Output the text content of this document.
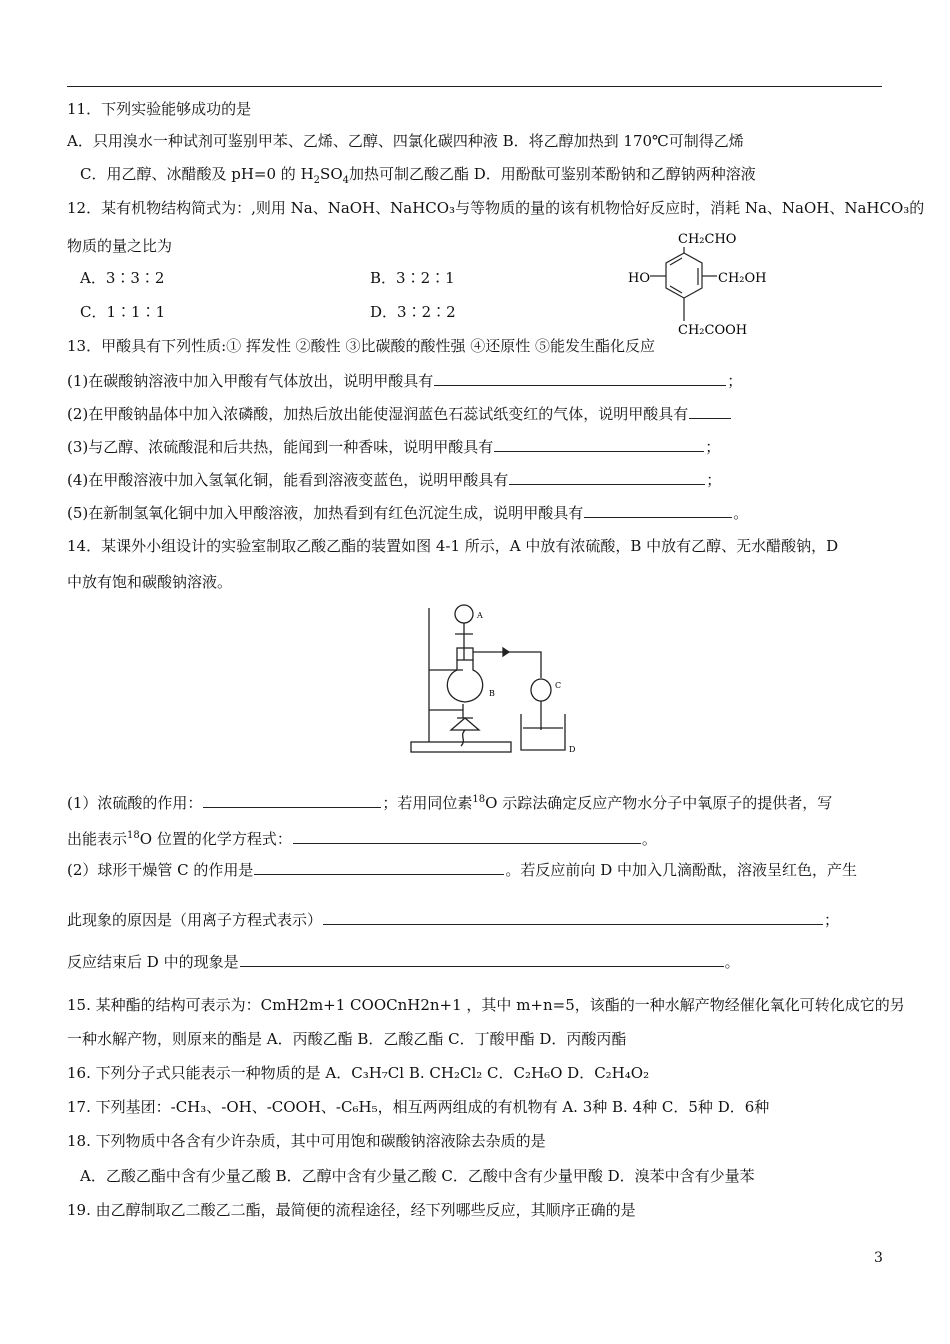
11．下列实验能够成功的是
A．只用溴水一种试剂可鉴别甲苯、乙烯、乙醇、四氯化碳四种液 B．将乙醇加热到 170℃可制得乙烯
C．用乙醇、冰醋酸及 pH=0 的 $H_2SO_4$加热可制乙酸乙酯 D．用酚酞可鉴别苯酚钠和乙醇钠两种溶液
12．某有机物结构简式为：,则用 Na、NaOH、NaHCO₃与等物质的量的该有机物恰好反应时，消耗 Na、NaOH、NaHCO₃的
物质的量之比为
A．3∶3∶2	B．3∶2∶1
C．1∶1∶1	D．3∶2∶2
CH₂CHO
HO	CH₂OH
CH₂COOH
13．甲酸具有下列性质:① 挥发性 ②酸性 ③比碳酸的酸性强 ④还原性 ⑤能发生酯化反应
(1)在碳酸钠溶液中加入甲酸有气体放出，说明甲酸具有	；
(2)在甲酸钠晶体中加入浓磷酸，加热后放出能使湿润蓝色石蕊试纸变红的气体，说明甲酸具有
(3)与乙醇、浓硫酸混和后共热，能闻到一种香味，说明甲酸具有	；
(4)在甲酸溶液中加入氢氧化铜，能看到溶液变蓝色，说明甲酸具有	；
(5)在新制氢氧化铜中加入甲酸溶液，加热看到有红色沉淀生成，说明甲酸具有	。
14．某课外小组设计的实验室制取乙酸乙酯的装置如图 4-1 所示，A 中放有浓硫酸，B 中放有乙醇、无水醋酸钠，D
中放有饱和碳酸钠溶液。
A
B
C
D
(1）浓硫酸的作用：	；若用同位素$^{18}$O 示踪法确定反应产物水分子中氧原子的提供者，写
出能表示$^{18}$O 位置的化学方程式：	。
(2）球形干燥管 C 的作用是	。若反应前向 D 中加入几滴酚酞，溶液呈红色，产生
此现象的原因是（用离子方程式表示）	；
反应结束后 D 中的现象是	。
15. 某种酯的结构可表示为：CmH2m+1 COOCnH2n+1 ，其中 m+n=5，该酯的一种水解产物经催化氧化可转化成它的另
一种水解产物，则原来的酯是 A．丙酸乙酯 B．乙酸乙酯 C．丁酸甲酯 D．丙酸丙酯
16. 下列分子式只能表示一种物质的是 A．C₃H₇Cl B. CH₂Cl₂ C．C₂H₆O D．C₂H₄O₂
17. 下列基团：-CH₃、-OH、-COOH、-C₆H₅，相互两两组成的有机物有 A. 3种 B. 4种 C．5种 D．6种
18. 下列物质中各含有少许杂质，其中可用饱和碳酸钠溶液除去杂质的是
A．乙酸乙酯中含有少量乙酸 B．乙醇中含有少量乙酸 C．乙酸中含有少量甲酸 D．溴苯中含有少量苯
19. 由乙醇制取乙二酸乙二酯，最简便的流程途径，经下列哪些反应，其顺序正确的是
3
